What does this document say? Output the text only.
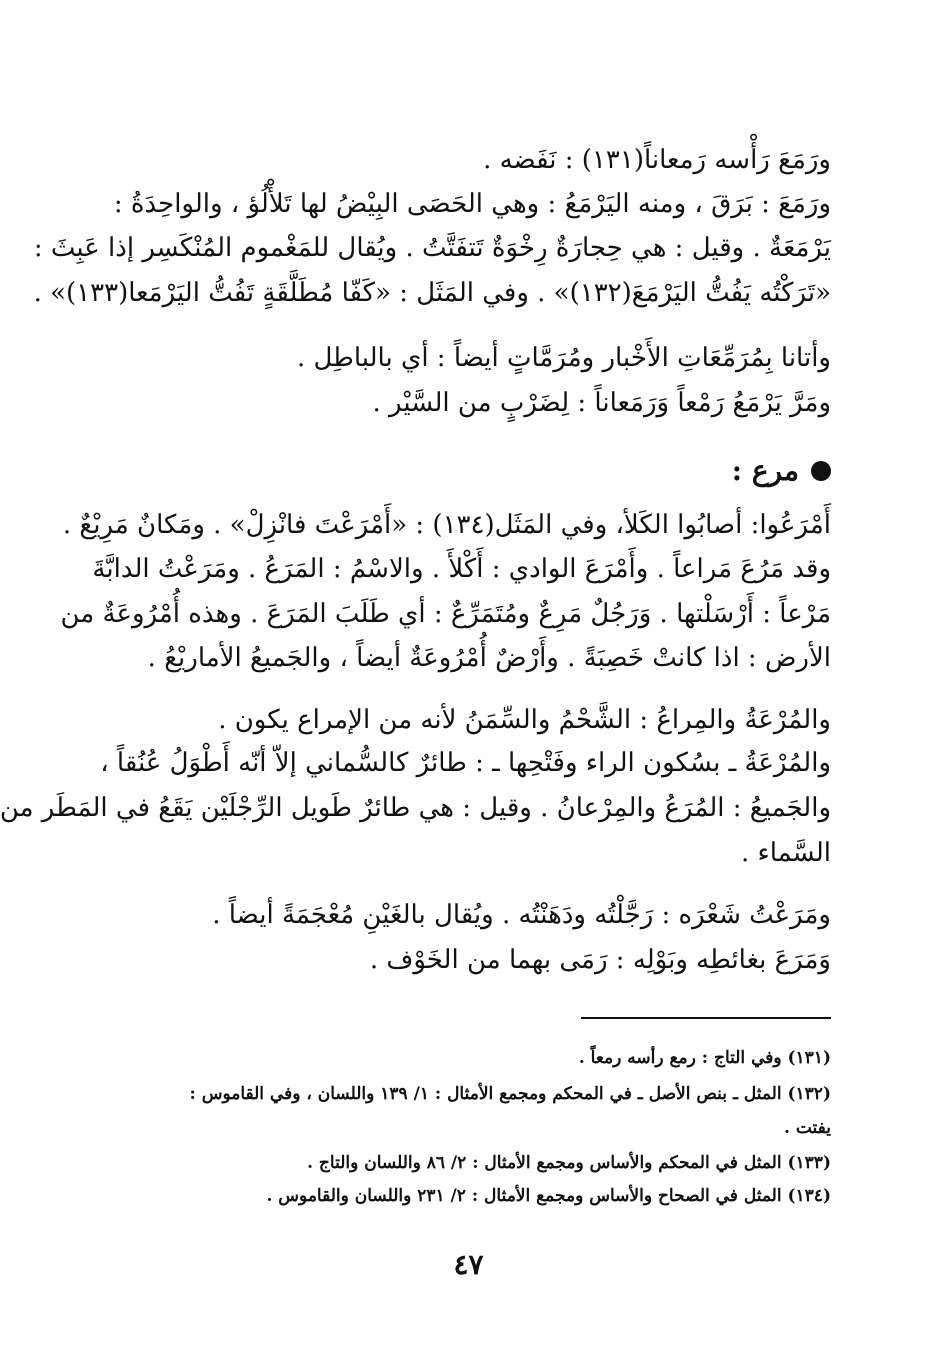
ورَمَعَ رَأْسه رَمعاناً(١٣١) : نَفَضه .
ورَمَعَ : بَرَقَ ، ومنه اليَرْمَعُ : وهي الحَصَى البِيْضُ لها تَلأْلُؤ ، والواحِدَةُ :
يَرْمَعَةٌ . وقيل : هي حِجارَةٌ رِخْوَةٌ تَتفَتَّتُ . ويُقال للمَغْموم المُنْكَسِر إذا عَبِثَ :
«تَرَكْتُه يَفُتُّ اليَرْمَعَ(١٣٢)» . وفي المَثَل : «كَفّا مُطَلَّقَةٍ تَفُتُّ اليَرْمَعا(١٣٣)» .
وأتانا بِمُرَمِّعَاتِ الأَخْبار ومُرَمَّاتٍ أيضاً : أي بالباطِل .
ومَرَّ يَرْمَعُ رَمْعاً وَرَمَعاناً : لِضَرْبٍ من السَّيْر .
مرع :
أَمْرَعُوا: أصابُوا الكَلأ، وفي المَثَل(١٣٤) : «أَمْرَعْتَ فانْزِلْ» . ومَكانٌ مَرِيْعٌ .
وقد مَرُعَ مَراعاً . وأَمْرَعَ الوادي : أَكْلأَ . والاسْمُ : المَرَعُ . ومَرَعْتُ الدابَّةَ
مَرْعاً : أَرْسَلْتها . وَرَجُلٌ مَرِعٌ ومُتَمَرِّعٌ : أي طَلَبَ المَرَعَ . وهذه أُمْرُوعَةٌ من
الأرض : اذا كانتْ خَصِبَةً . وأَرْضٌ أُمْرُوعَةٌ أيضاً ، والجَميعُ الأماريْعُ .
والمُرْعَةُ والمِراعُ : الشَّحْمُ والسِّمَنُ لأنه من الإمراع يكون .
والمُرْعَةُ ـ بسُكون الراء وفَتْحِها ـ : طائرٌ كالسُّماني إلاّ أنّه أَطْوَلُ عُنُقاً ،
والجَميعُ : المُرَعُ والمِرْعانُ . وقيل : هي طائرٌ طَويل الرِّجْلَيْن يَقَعُ في المَطَر من
السَّماء .
ومَرَعْتُ شَعْرَه : رَجَّلْتُه ودَهَنْتُه . ويُقال بالغَيْنِ مُعْجَمَةً أيضاً .
وَمَرَعَ بغائطِه وبَوْلِه : رَمَى بهما من الخَوْف .
(١٣١) وفي التاج : رمع رأسه رمعاً .
(١٣٢) المثل ـ بنص الأصل ـ في المحكم ومجمع الأمثال : ١/ ١٣٩ واللسان ، وفي القاموس :
يفتت .
(١٣٣) المثل في المحكم والأساس ومجمع الأمثال : ٢/ ٨٦ واللسان والتاج .
(١٣٤) المثل في الصحاح والأساس ومجمع الأمثال : ٢/ ٢٣١ واللسان والقاموس .
٤٧
